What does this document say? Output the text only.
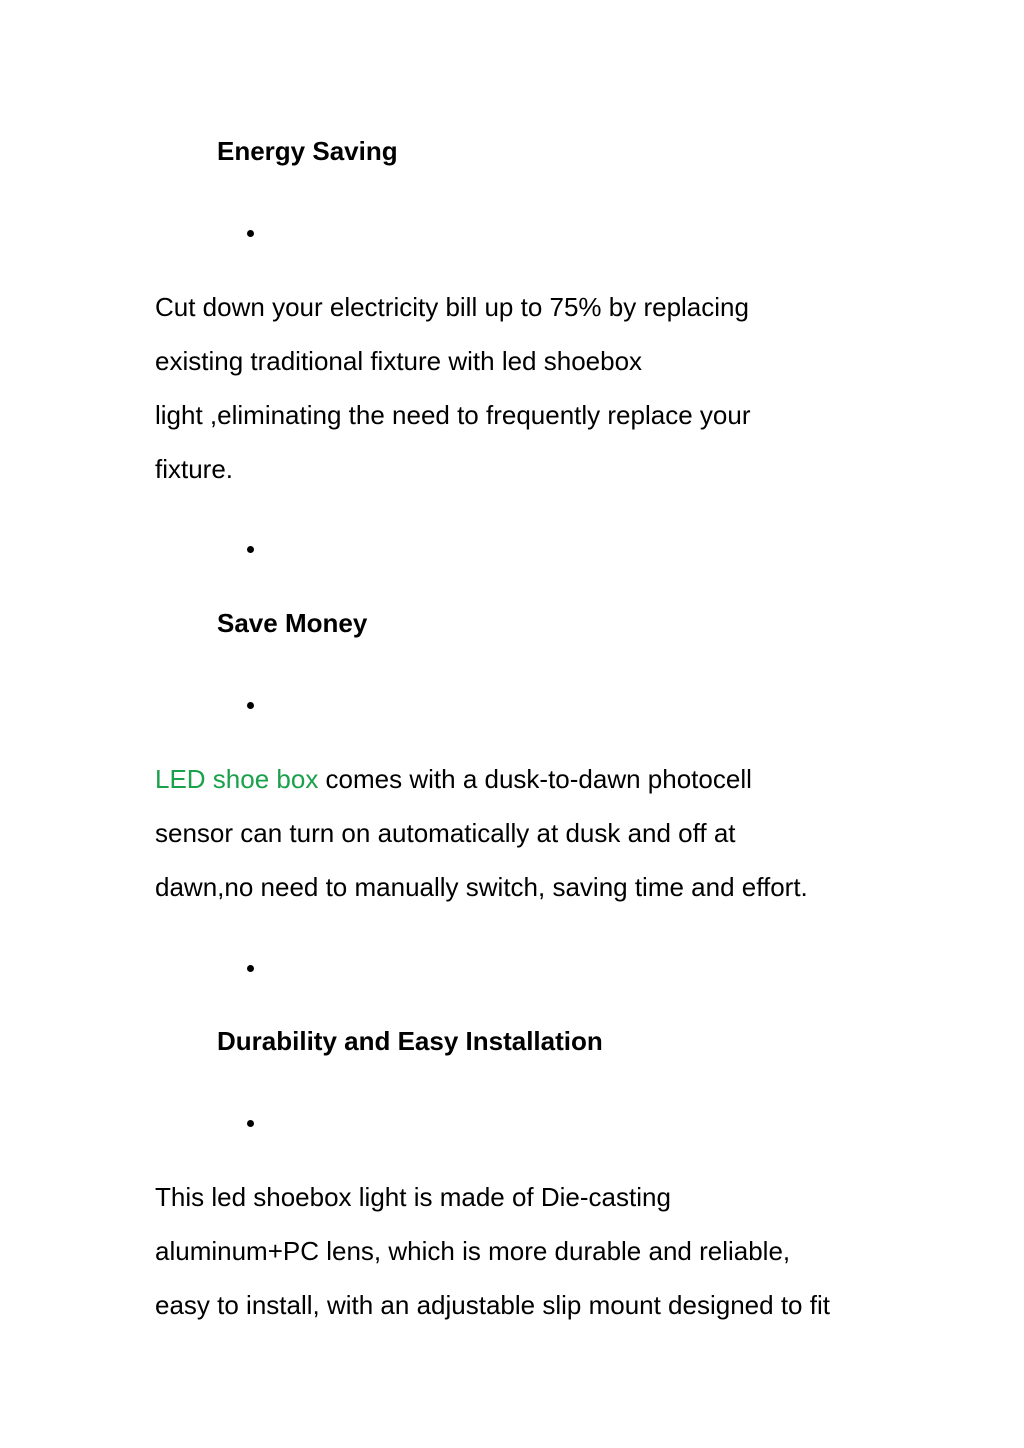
Energy Saving

Cut down your electricity bill up to 75% by replacing
existing traditional fixture with led shoebox
light ,eliminating the need to frequently replace your
fixture.

Save Money

LED shoe box comes with a dusk-to-dawn photocell
sensor can turn on automatically at dusk and off at
dawn,no need to manually switch, saving time and effort.

Durability and Easy Installation

This led shoebox light is made of Die-casting
aluminum+PC lens, which is more durable and reliable,
easy to install, with an adjustable slip mount designed to fit
